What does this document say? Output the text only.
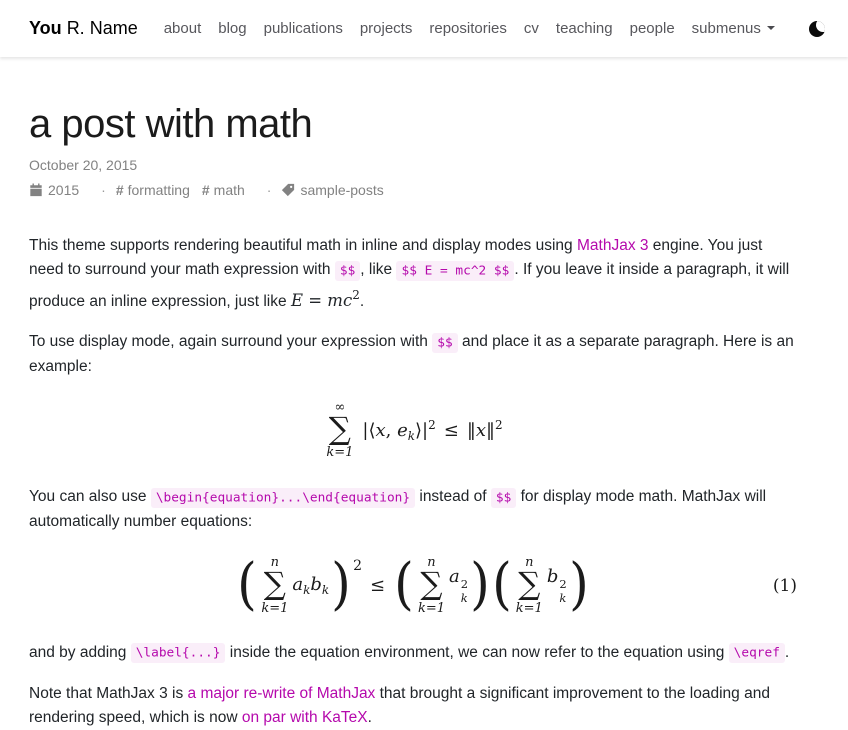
You R. Name about blog publications projects repositories cv teaching people submenus
a post with math
October 20, 2015
2015 · # formatting # math · sample-posts

This theme supports rendering beautiful math in inline and display modes using MathJax 3 engine. You just need to surround your math expression with $$ , like $$ E = mc^2 $$ . If you leave it inside a paragraph, it will produce an inline expression, just like $E = mc^2$.

To use display mode, again surround your expression with $$ and place it as a separate paragraph. Here is an example:

∞
∑
k=1
|⟨x, $e_k⟩|^2$ ≤ ‖x‖$^2$

You can also use \begin{equation}...\end{equation} instead of $$ for display mode math. MathJax will automatically number equations:

( n
∑
k=1
$a_kb_k$ ) 2
≤ ( n
∑
k=1
a 2
k ) ( n
∑
k=1
b 2
k )	(1)

and by adding \label{...} inside the equation environment, we can now refer to the equation using \eqref .

Note that MathJax 3 is a major re-write of MathJax that brought a significant improvement to the loading and rendering speed, which is now on par with KaTeX.
